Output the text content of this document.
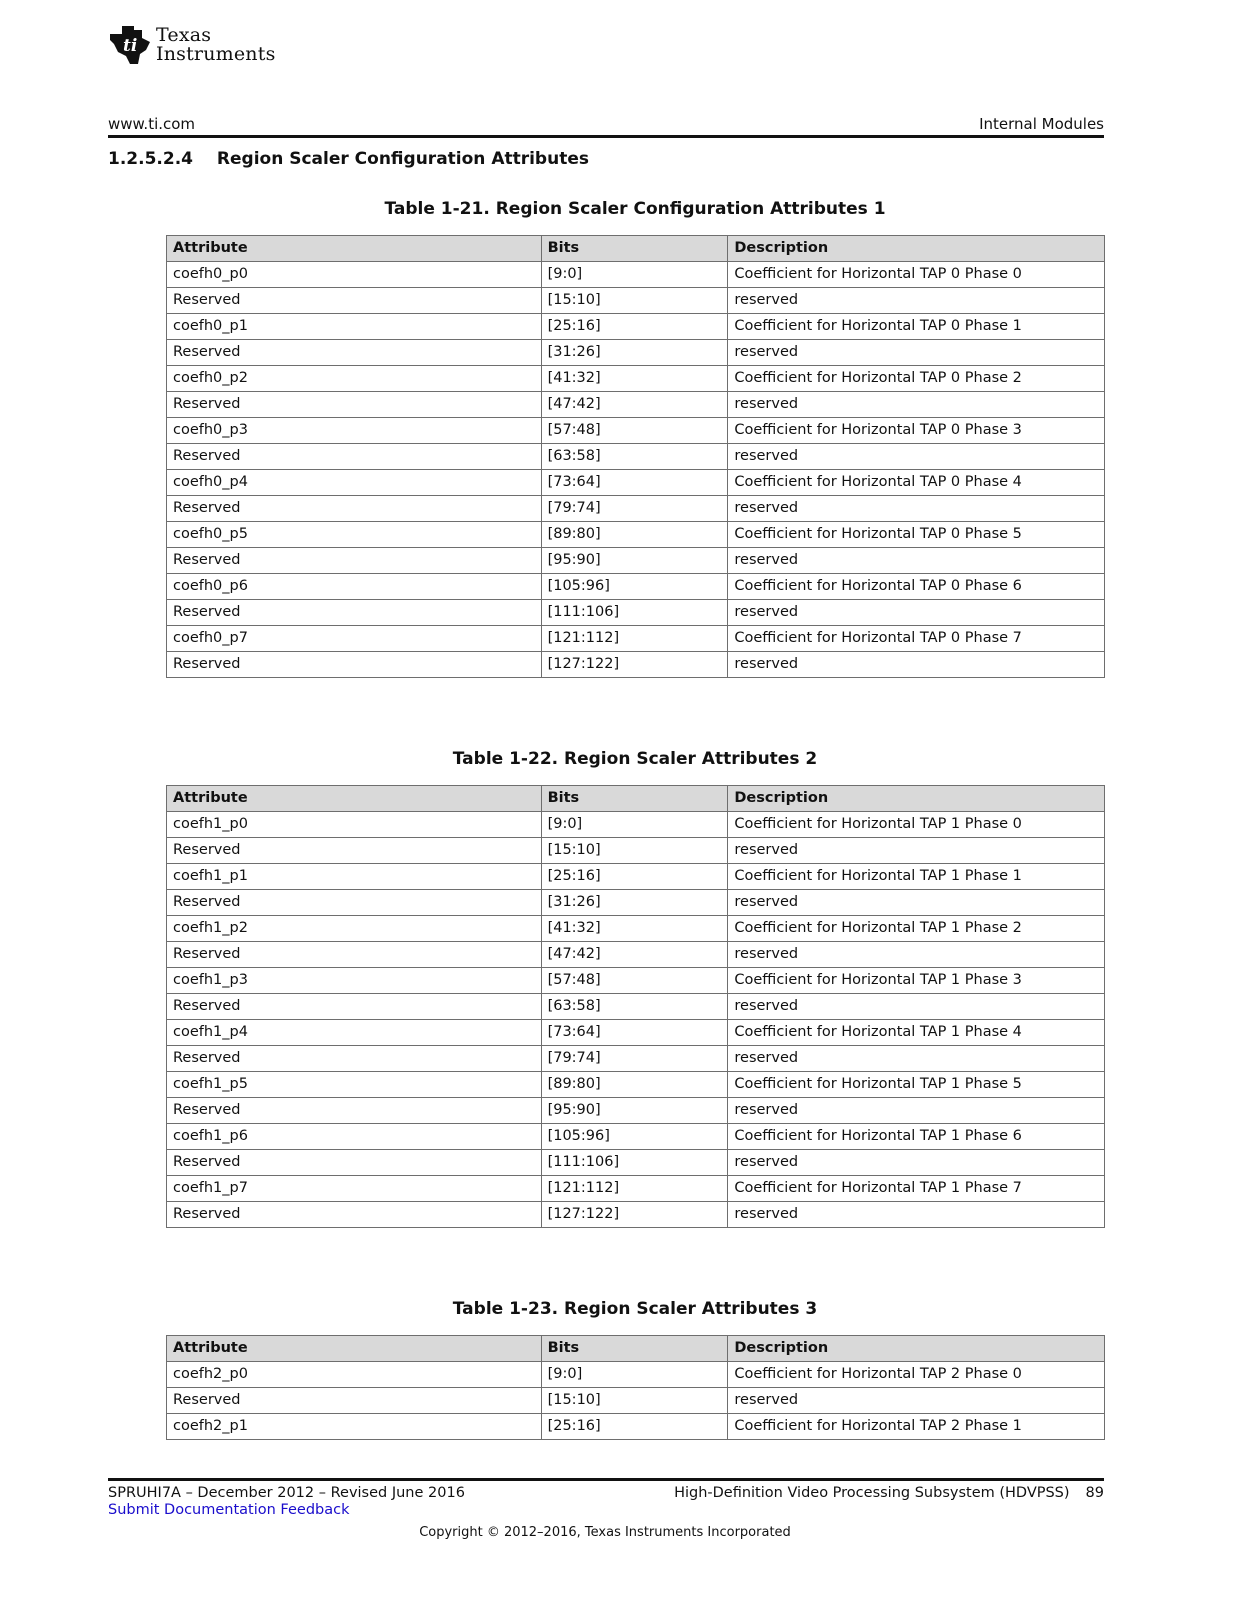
ti Texas
Instruments
www.ti.com	Internal Modules
1.2.5.2.4 Region Scaler Configuration Attributes
Table 1-21. Region Scaler Configuration Attributes 1
Attribute	Bits	Description
coefh0_p0	[9:0]	Coefficient for Horizontal TAP 0 Phase 0
Reserved	[15:10]	reserved
coefh0_p1	[25:16]	Coefficient for Horizontal TAP 0 Phase 1
Reserved	[31:26]	reserved
coefh0_p2	[41:32]	Coefficient for Horizontal TAP 0 Phase 2
Reserved	[47:42]	reserved
coefh0_p3	[57:48]	Coefficient for Horizontal TAP 0 Phase 3
Reserved	[63:58]	reserved
coefh0_p4	[73:64]	Coefficient for Horizontal TAP 0 Phase 4
Reserved	[79:74]	reserved
coefh0_p5	[89:80]	Coefficient for Horizontal TAP 0 Phase 5
Reserved	[95:90]	reserved
coefh0_p6	[105:96]	Coefficient for Horizontal TAP 0 Phase 6
Reserved	[111:106]	reserved
coefh0_p7	[121:112]	Coefficient for Horizontal TAP 0 Phase 7
Reserved	[127:122]	reserved
Table 1-22. Region Scaler Attributes 2
Attribute	Bits	Description
coefh1_p0	[9:0]	Coefficient for Horizontal TAP 1 Phase 0
Reserved	[15:10]	reserved
coefh1_p1	[25:16]	Coefficient for Horizontal TAP 1 Phase 1
Reserved	[31:26]	reserved
coefh1_p2	[41:32]	Coefficient for Horizontal TAP 1 Phase 2
Reserved	[47:42]	reserved
coefh1_p3	[57:48]	Coefficient for Horizontal TAP 1 Phase 3
Reserved	[63:58]	reserved
coefh1_p4	[73:64]	Coefficient for Horizontal TAP 1 Phase 4
Reserved	[79:74]	reserved
coefh1_p5	[89:80]	Coefficient for Horizontal TAP 1 Phase 5
Reserved	[95:90]	reserved
coefh1_p6	[105:96]	Coefficient for Horizontal TAP 1 Phase 6
Reserved	[111:106]	reserved
coefh1_p7	[121:112]	Coefficient for Horizontal TAP 1 Phase 7
Reserved	[127:122]	reserved
Table 1-23. Region Scaler Attributes 3
Attribute	Bits	Description
coefh2_p0	[9:0]	Coefficient for Horizontal TAP 2 Phase 0
Reserved	[15:10]	reserved
coefh2_p1	[25:16]	Coefficient for Horizontal TAP 2 Phase 1
SPRUHI7A – December 2012 – Revised June 2016
Submit Documentation Feedback
High-Definition Video Processing Subsystem (HDVPSS) 89
Copyright © 2012–2016, Texas Instruments Incorporated
